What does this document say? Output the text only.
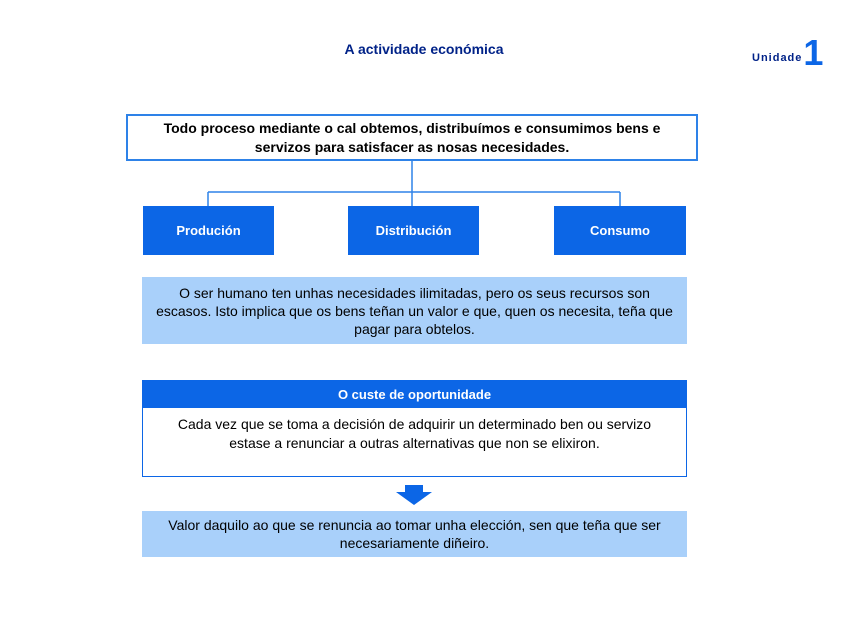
A actividade económica
Unidade 1
Todo proceso mediante o cal obtemos, distribuímos e consumimos bens e servizos para satisfacer as nosas necesidades.
Produción	Distribución	Consumo
O ser humano ten unhas necesidades ilimitadas, pero os seus recursos son escasos. Isto implica que os bens teñan un valor e que, quen os necesita, teña que pagar para obtelos.
O custe de oportunidade
Cada vez que se toma a decisión de adquirir un determinado ben ou servizo estase a renunciar a outras alternativas que non se elixiron.
Valor daquilo ao que se renuncia ao tomar unha elección, sen que teña que ser necesariamente diñeiro.
